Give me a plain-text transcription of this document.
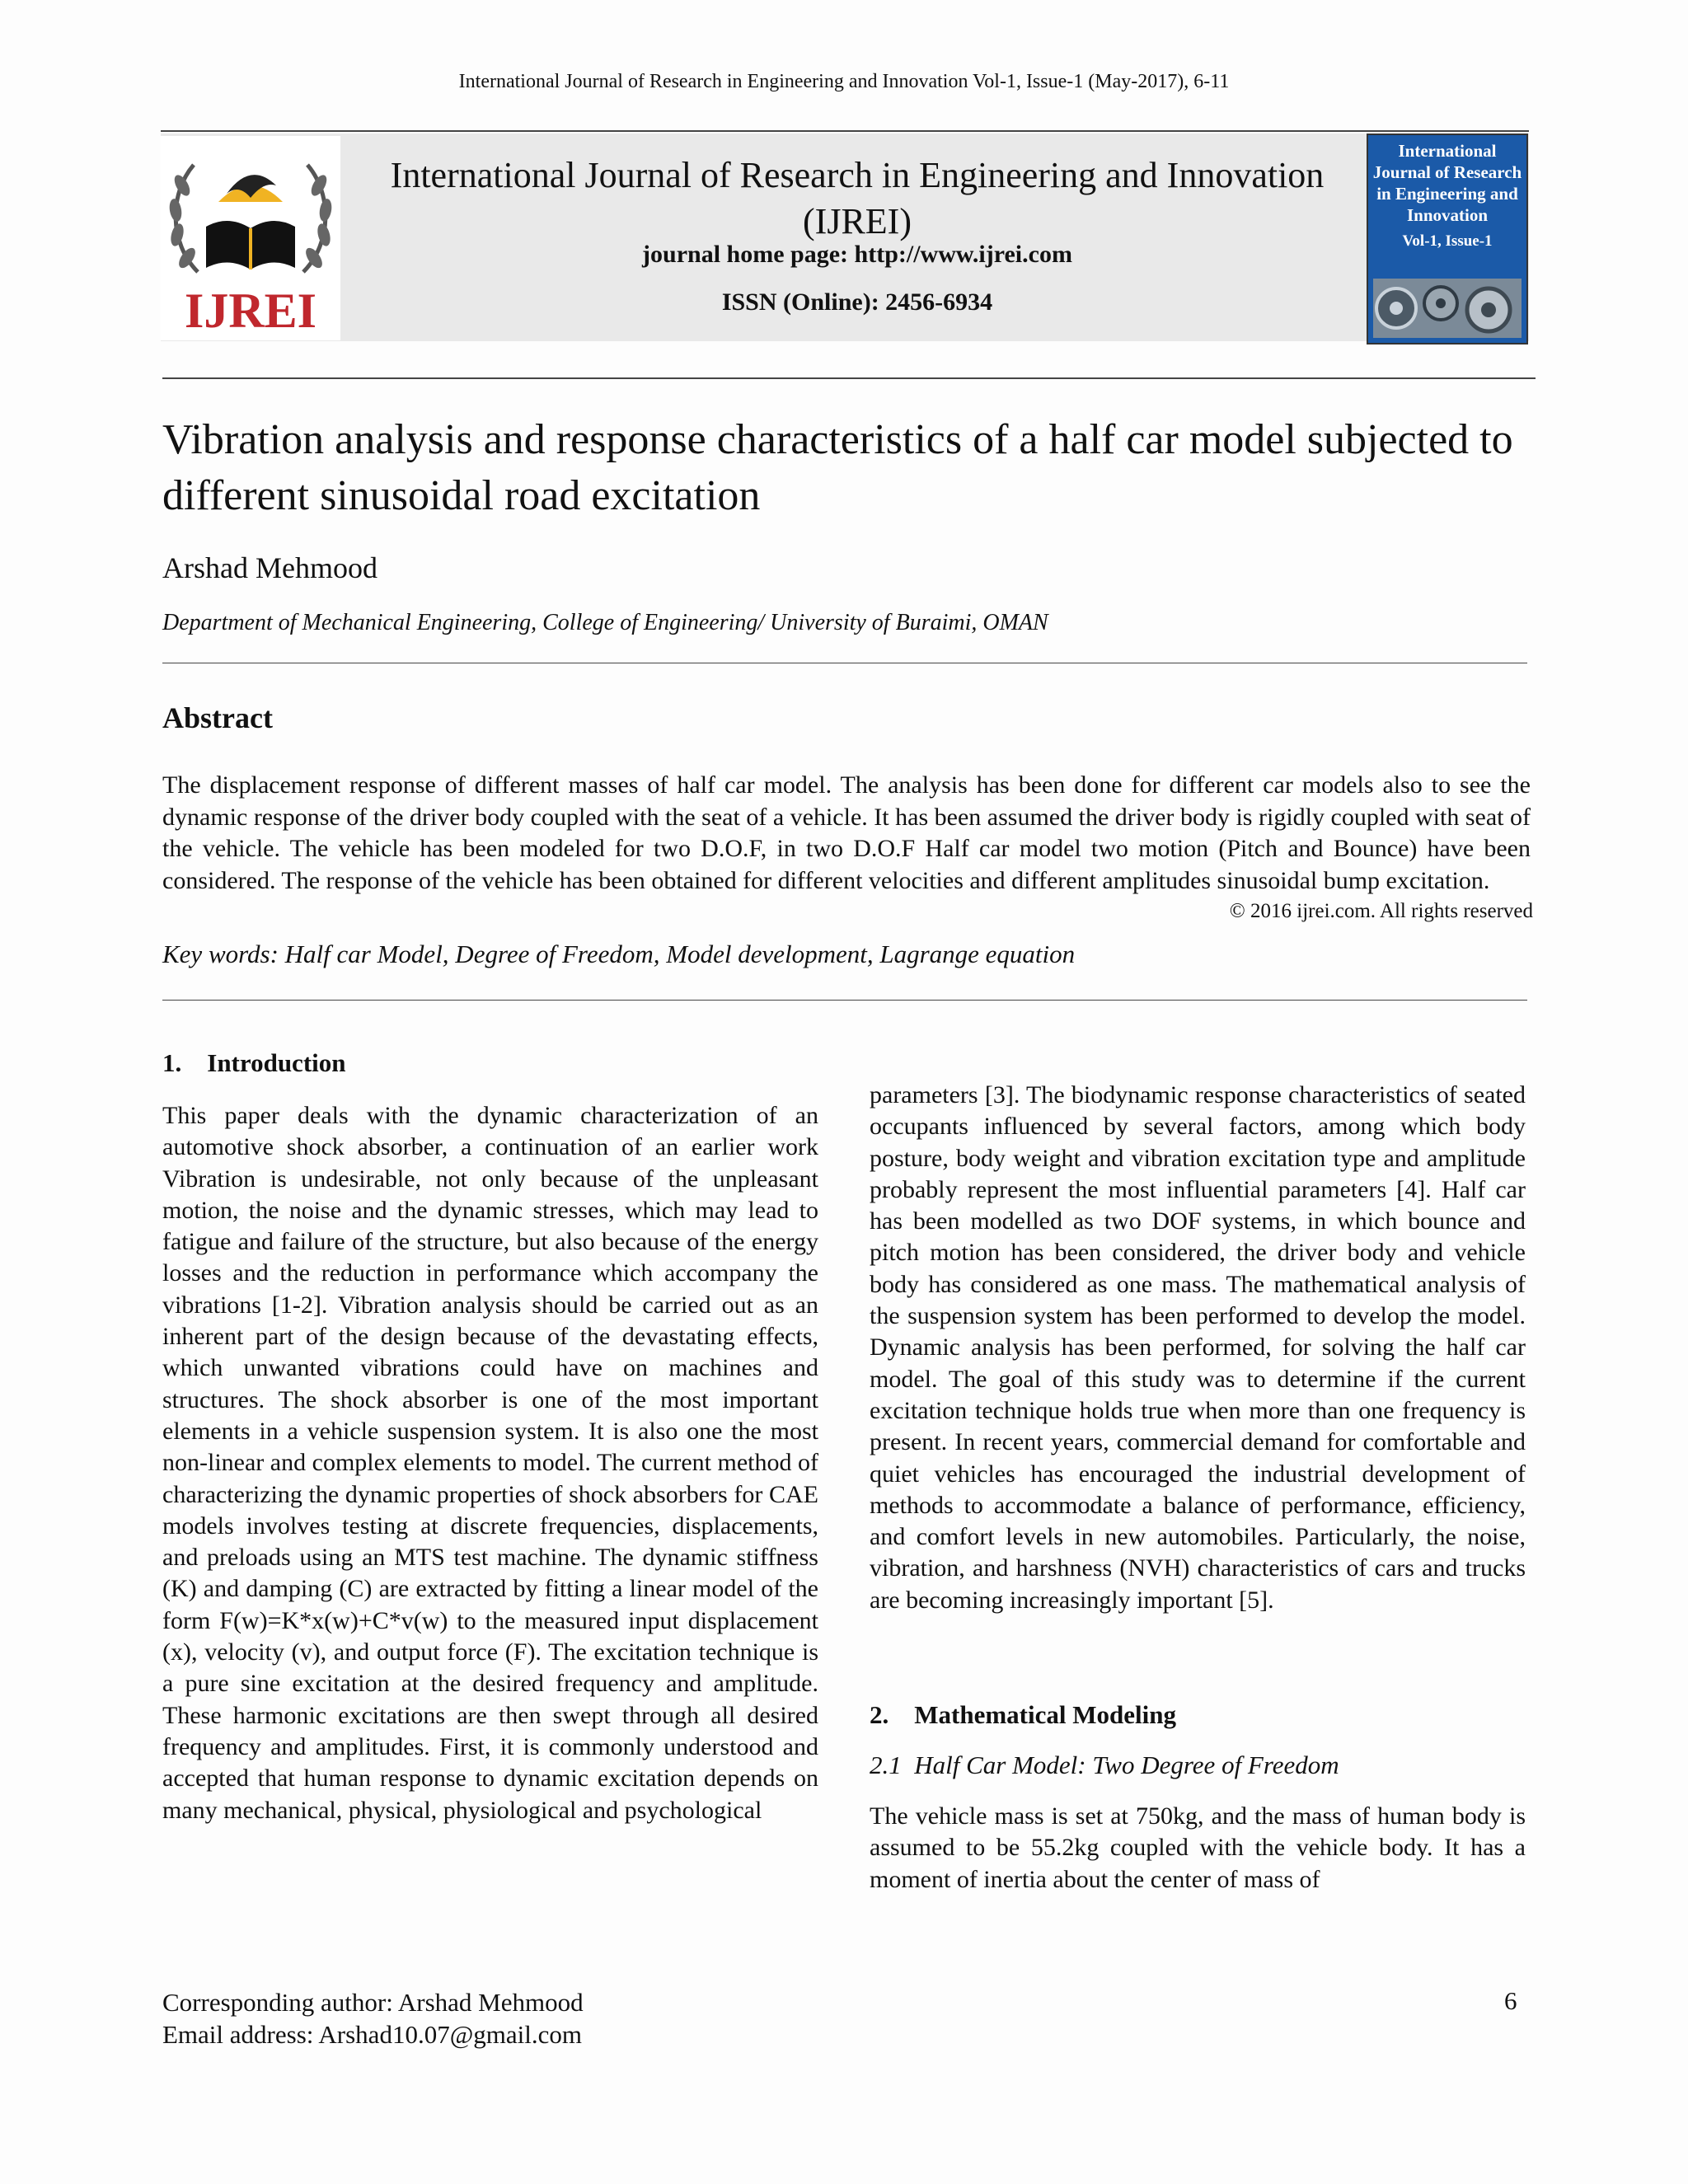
International Journal of Research in Engineering and Innovation Vol-1, Issue-1 (May-2017), 6-11
IJREI
International Journal of Research in Engineering and Innovation
(IJREI)
journal home page: http://www.ijrei.com
ISSN (Online): 2456-6934
International Journal of Research in Engineering and Innovation
Vol-1, Issue-1
Vibration analysis and response characteristics of a half car model subjected to different sinusoidal road excitation
Arshad Mehmood
Department of Mechanical Engineering, College of Engineering/ University of Buraimi, OMAN
Abstract
The displacement response of different masses of half car model. The analysis has been done for different car models also to see the dynamic response of the driver body coupled with the seat of a vehicle. It has been assumed the driver body is rigidly coupled with seat of the vehicle. The vehicle has been modeled for two D.O.F, in two D.O.F Half car model two motion (Pitch and Bounce) have been considered. The response of the vehicle has been obtained for different velocities and different amplitudes sinusoidal bump excitation.
© 2016 ijrei.com. All rights reserved
Key words: Half car Model, Degree of Freedom, Model development, Lagrange equation
1.    Introduction
This paper deals with the dynamic characterization of an automotive shock absorber, a continuation of an earlier work Vibration is undesirable, not only because of the unpleasant motion, the noise and the dynamic stresses, which may lead to fatigue and failure of the structure, but also because of the energy losses and the reduction in performance which accompany the vibrations [1-2]. Vibration analysis should be carried out as an inherent part of the design because of the devastating effects, which unwanted vibrations could have on machines and structures. The shock absorber is one of the most important elements in a vehicle suspension system. It is also one the most non-linear and complex elements to model. The current method of characterizing the dynamic properties of shock absorbers for CAE models involves testing at discrete frequencies, displacements, and preloads using an MTS test machine. The dynamic stiffness (K) and damping (C) are extracted by fitting a linear model of the form F(w)=K*x(w)+C*v(w) to the measured input displacement (x), velocity (v), and output force (F). The excitation technique is a pure sine excitation at the desired frequency and amplitude. These harmonic excitations are then swept through all desired frequency and amplitudes. First, it is commonly understood and accepted that human response to dynamic excitation depends on many mechanical, physical, physiological and psychological
parameters [3]. The biodynamic response characteristics of seated occupants influenced by several factors, among which body posture, body weight and vibration excitation type and amplitude probably represent the most influential parameters [4]. Half car has been modelled as two DOF systems, in which bounce and pitch motion has been considered, the driver body and vehicle body has considered as one mass. The mathematical analysis of the suspension system has been performed to develop the model. Dynamic analysis has been performed, for solving the half car model. The goal of this study was to determine if the current excitation technique holds true when more than one frequency is present. In recent years, commercial demand for comfortable and quiet vehicles has encouraged the industrial development of methods to accommodate a balance of performance, efficiency, and comfort levels in new automobiles. Particularly, the noise, vibration, and harshness (NVH) characteristics of cars and trucks are becoming increasingly important [5].
2.    Mathematical Modeling
2.1  Half Car Model: Two Degree of Freedom
The vehicle mass is set at 750kg, and the mass of human body is assumed to be 55.2kg coupled with the vehicle body. It has a moment of inertia about the center of mass of
Corresponding author: Arshad Mehmood
Email address: Arshad10.07@gmail.com
6
